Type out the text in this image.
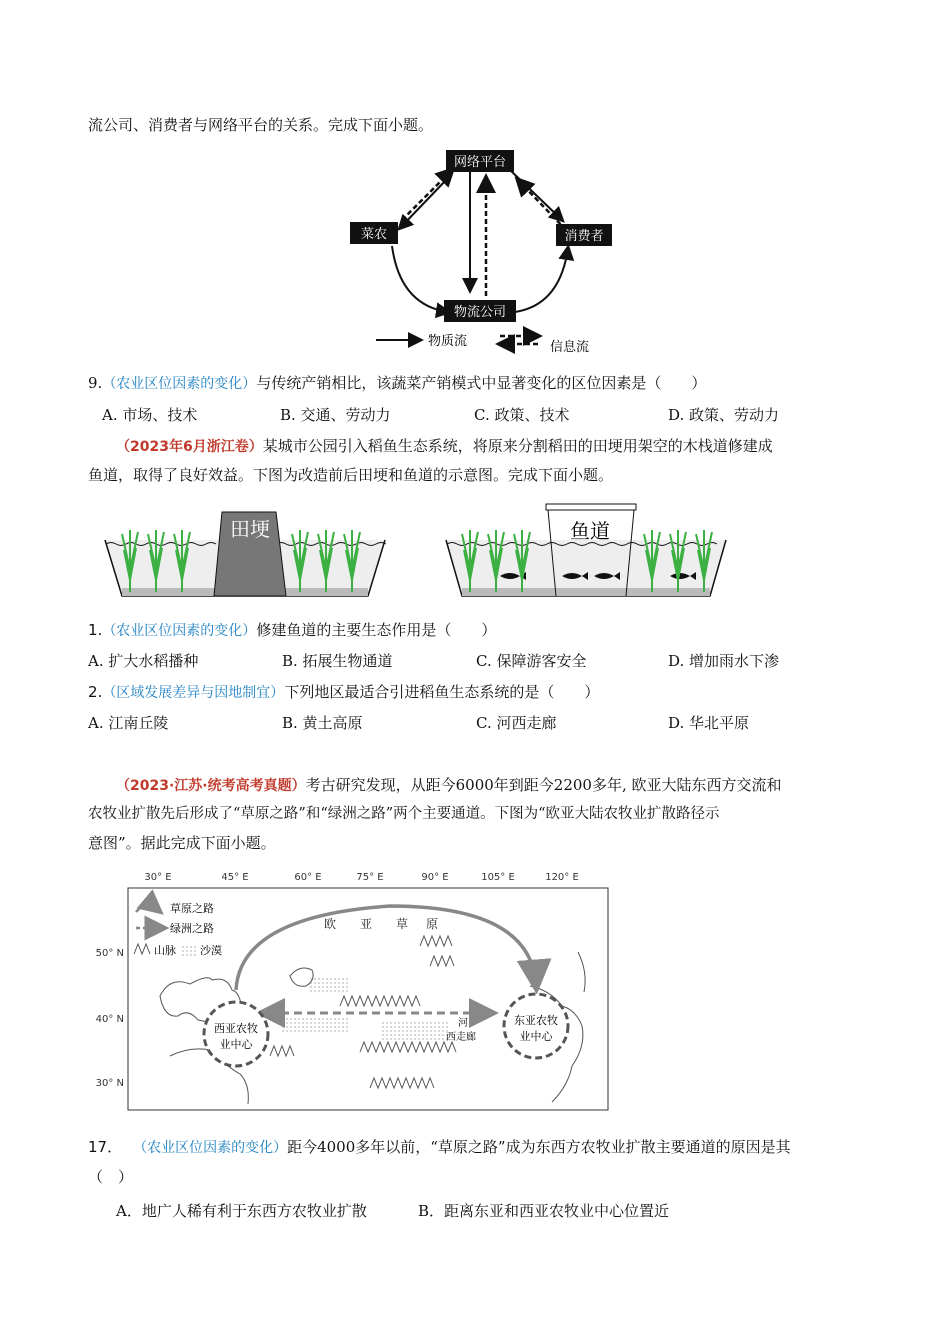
流公司、消费者与网络平台的关系。完成下面小题。
网络平台
菜农	消费者
物流公司
物质流	信息流
9.（农业区位因素的变化）与传统产销相比，该蔬菜产销模式中显著变化的区位因素是（　　）
A. 市场、技术	B. 交通、劳动力	C. 政策、技术	D. 政策、劳动力
（2023年6月浙江卷）某城市公园引入稻鱼生态系统，将原来分割稻田的田埂用架空的木栈道修建成
鱼道，取得了良好效益。下图为改造前后田埂和鱼道的示意图。完成下面小题。
田埂	鱼道
1.（农业区位因素的变化）修建鱼道的主要生态作用是（　　）
A. 扩大水稻播种	B. 拓展生物通道	C. 保障游客安全	D. 增加雨水下渗
2.（区域发展差异与因地制宜）下列地区最适合引进稻鱼生态系统的是（　　）
A. 江南丘陵	B. 黄土高原	C. 河西走廊	D. 华北平原
（2023·江苏·统考高考真题）考古研究发现，从距今6000年到距今2200多年, 欧亚大陆东西方交流和
农牧业扩散先后形成了“草原之路”和“绿洲之路”两个主要通道。下图为“欧亚大陆农牧业扩散路径示
意图”。据此完成下面小题。
30° E	45° E	60° E	75° E	90° E	105° E	120° E
50° N
40° N
30° N
西亚农牧
业中心
东亚农牧
业中心
欧 亚 草 原
河
西走廊
草原之路
绿洲之路
山脉 沙漠
17． （农业区位因素的变化）距今4000多年以前，“草原之路”成为东西方农牧业扩散主要通道的原因是其
（　）
A．地广人稀有利于东西方农牧业扩散	B．距离东亚和西亚农牧业中心位置近
